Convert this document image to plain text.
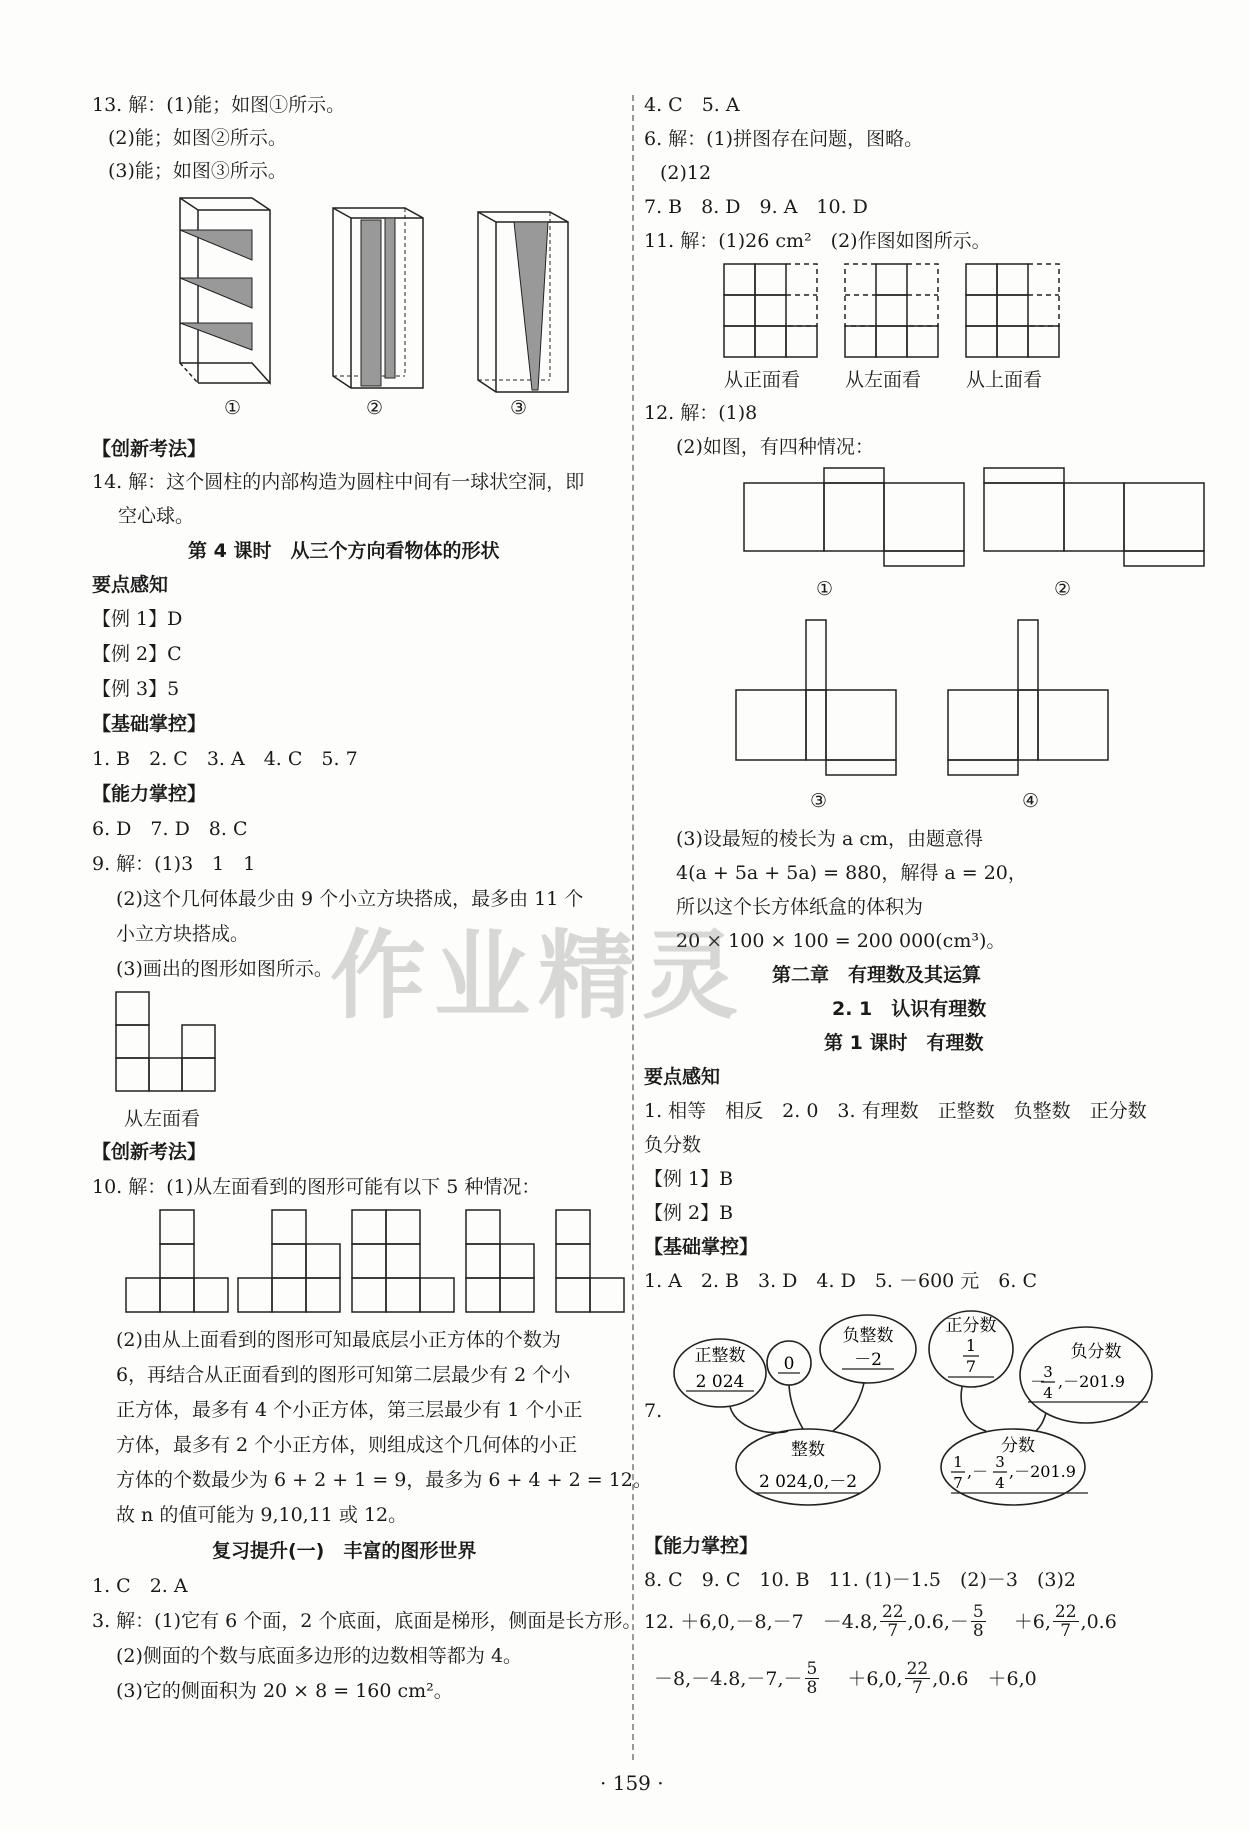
13. 解：(1)能；如图①所示。
(2)能；如图②所示。
(3)能；如图③所示。
①	②	③
【创新考法】
14. 解：这个圆柱的内部构造为圆柱中间有一球状空洞，即
空心球。
第 4 课时　从三个方向看物体的形状
要点感知
【例 1】D
【例 2】C
【例 3】5
【基础掌控】
1. B　2. C　3. A　4. C　5. 7
【能力掌控】
6. D　7. D　8. C
9. 解：(1)3　1　1
(2)这个几何体最少由 9 个小立方块搭成，最多由 11 个
小立方块搭成。
(3)画出的图形如图所示。
从左面看
【创新考法】
10. 解：(1)从左面看到的图形可能有以下 5 种情况：
(2)由从上面看到的图形可知最底层小正方体的个数为
6，再结合从正面看到的图形可知第二层最少有 2 个小
正方体，最多有 4 个小正方体，第三层最少有 1 个小正
方体，最多有 2 个小正方体，则组成这个几何体的小正
方体的个数最少为 6 + 2 + 1 = 9，最多为 6 + 4 + 2 = 12。
故 n 的值可能为 9,10,11 或 12。
复习提升(一)　丰富的图形世界
1. C　2. A
3. 解：(1)它有 6 个面，2 个底面，底面是梯形，侧面是长方形。
(2)侧面的个数与底面多边形的边数相等都为 4。
(3)它的侧面积为 20 × 8 = 160 cm²。
4. C　5. A
6. 解：(1)拼图存在问题，图略。
(2)12
7. B　8. D　9. A　10. D
11. 解：(1)26 cm²　(2)作图如图所示。
从正面看 从左面看 从上面看
12. 解：(1)8
(2)如图，有四种情况：
①	②
③	④
(3)设最短的棱长为 a cm，由题意得
4(a + 5a + 5a) = 880，解得 a = 20，
所以这个长方体纸盒的体积为
20 × 100 × 100 = 200 000(cm³)。
第二章　有理数及其运算
2. 1　认识有理数
第 1 课时　有理数
要点感知
1. 相等　相反　2. 0　3. 有理数　正整数　负整数　正分数
负分数
【例 1】B
【例 2】B
【基础掌控】
1. A　2. B　3. D　4. D　5. －600 元　6. C
7.
正整数
2 024
0
负整数
－2
正分数
1
7
负分数
－
3
4
,－201.9
整数
2 024,0,－2
分数
1
7
,－ 3
4
,－201.9
【能力掌控】
8. C　9. C　10. B　11. (1)－1.5　(2)－3　(3)2
12. ＋6,0,－8,－7　－4.8, $\frac{22}{7} ,0.6,- \frac{5}{8} +6$, $\frac{22}{7} ,0.6$
$-8,-4.8,-7,- \frac{5}{8} +6,0$, $\frac{22}{7} ,0.6$　＋6,0
· 159 ·
作业精灵
